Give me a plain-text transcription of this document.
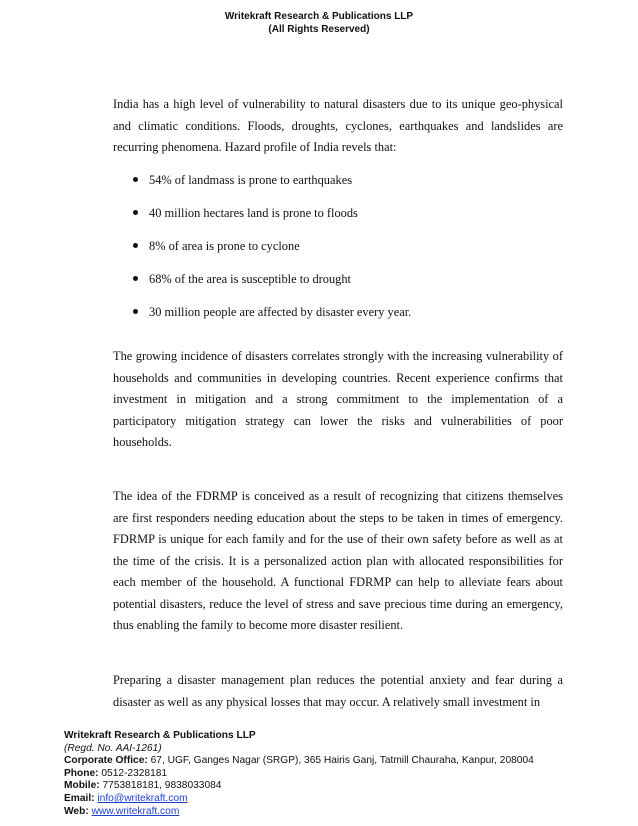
Writekraft Research & Publications LLP
(All Rights Reserved)

India has a high level of vulnerability to natural disasters due to its unique geo-physical and climatic conditions. Floods, droughts, cyclones, earthquakes and landslides are recurring phenomena. Hazard profile of India revels that:

54% of landmass is prone to earthquakes
40 million hectares land is prone to floods
8% of area is prone to cyclone
68% of the area is susceptible to drought
30 million people are affected by disaster every year.

The growing incidence of disasters correlates strongly with the increasing vulnerability of households and communities in developing countries. Recent experience confirms that investment in mitigation and a strong commitment to the implementation of a participatory mitigation strategy can lower the risks and vulnerabilities of poor households.

The idea of the FDRMP is conceived as a result of recognizing that citizens themselves are first responders needing education about the steps to be taken in times of emergency. FDRMP is unique for each family and for the use of their own safety before as well as at the time of the crisis. It is a personalized action plan with allocated responsibilities for each member of the household. A functional FDRMP can help to alleviate fears about potential disasters, reduce the level of stress and save precious time during an emergency, thus enabling the family to become more disaster resilient.

Preparing a disaster management plan reduces the potential anxiety and fear during a disaster as well as any physical losses that may occur. A relatively small investment in

Writekraft Research & Publications LLP
(Regd. No. AAI-1261)
Corporate Office: 67, UGF, Ganges Nagar (SRGP), 365 Hairis Ganj, Tatmill Chauraha, Kanpur, 208004
Phone: 0512-2328181
Mobile: 7753818181, 9838033084
Email: info@writekraft.com
Web: www.writekraft.com
